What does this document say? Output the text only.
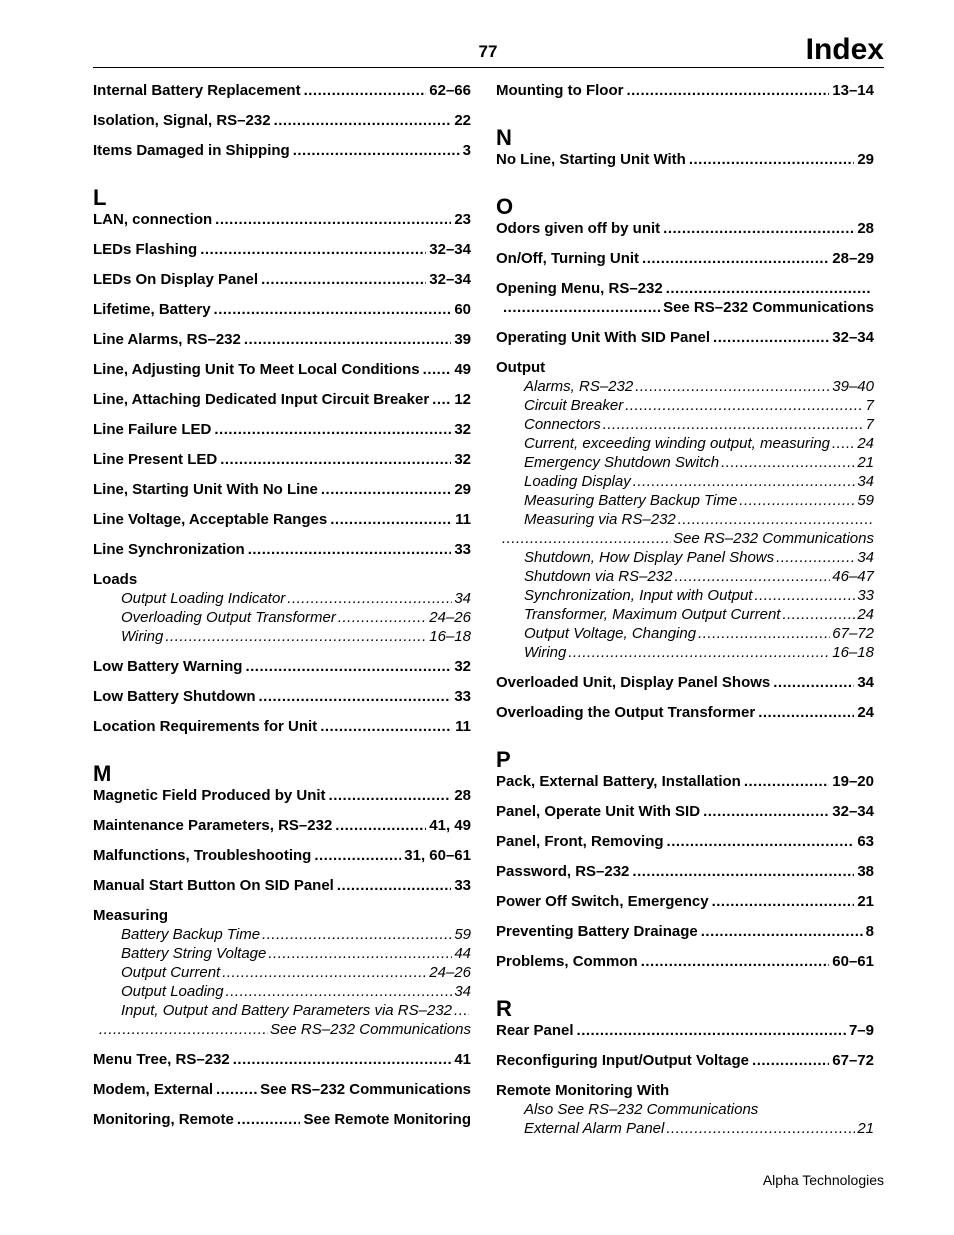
77	Index
Internal Battery Replacement .....	62–66
Isolation, Signal, RS–232 .....	22
Items Damaged in Shipping .....	3
L
LAN, connection .....	23
LEDs Flashing .....	32–34
LEDs On Display Panel .....	32–34
Lifetime, Battery .....	60
Line Alarms, RS–232 .....	39
Line, Adjusting Unit To Meet Local Conditions ..... 49
Line, Attaching Dedicated Input Circuit Breaker ..... 12
Line Failure LED .....	32
Line Present LED .....	32
Line, Starting Unit With No Line .....	29
Line Voltage, Acceptable Ranges .....	11
Line Synchronization .....	33
Loads
Output Loading Indicator .....	34
Overloading Output Transformer .....	24–26
Wiring .....	16–18
Low Battery Warning .....	32
Low Battery Shutdown .....	33
Location Requirements for Unit .....	11
M
Magnetic Field Produced by Unit .....	28
Maintenance Parameters, RS–232 .....	41, 49
Malfunctions, Troubleshooting .....	31, 60–61
Manual Start Button On SID Panel .....	33
Measuring
Battery Backup Time .....	59
Battery String Voltage .....	44
Output Current .....	24–26
Output Loading .....	34
Input, Output and Battery Parameters via RS–232
.....
.....
See RS–232 Communications
Menu Tree, RS–232 .....	41
Modem, External .....	See RS–232 Communications
Monitoring, Remote .....	See Remote Monitoring
Mounting to Floor .....	13–14
N
No Line, Starting Unit With .....	29
O
Odors given off by unit .....	28
On/Off, Turning Unit .....	28–29
Opening Menu, RS–232
.....
.....
See RS–232 Communications
Operating Unit With SID Panel .....	32–34
Output
Alarms, RS–232 .....	39–40
Circuit Breaker .....	7
Connectors .....	7
Current, exceeding winding output, measuring ..... 24
Emergency Shutdown Switch .....	21
Loading Display .....	34
Measuring Battery Backup Time .....	59
Measuring via RS–232
.....
.....
See RS–232 Communications
Shutdown, How Display Panel Shows .....	34
Shutdown via RS–232 .....	46–47
Synchronization, Input with Output .....	33
Transformer, Maximum Output Current .....	24
Output Voltage, Changing .....	67–72
Wiring .....	16–18
Overloaded Unit, Display Panel Shows .....	34
Overloading the Output Transformer .....	24
P
Pack, External Battery, Installation .....	19–20
Panel, Operate Unit With SID .....	32–34
Panel, Front, Removing .....	63
Password, RS–232 .....	38
Power Off Switch, Emergency .....	21
Preventing Battery Drainage .....	8
Problems, Common .....	60–61
R
Rear Panel .....	7–9
Reconfiguring Input/Output Voltage .....	67–72
Remote Monitoring With
Also See RS–232 Communications
External Alarm Panel .....	21
Alpha Technologies
